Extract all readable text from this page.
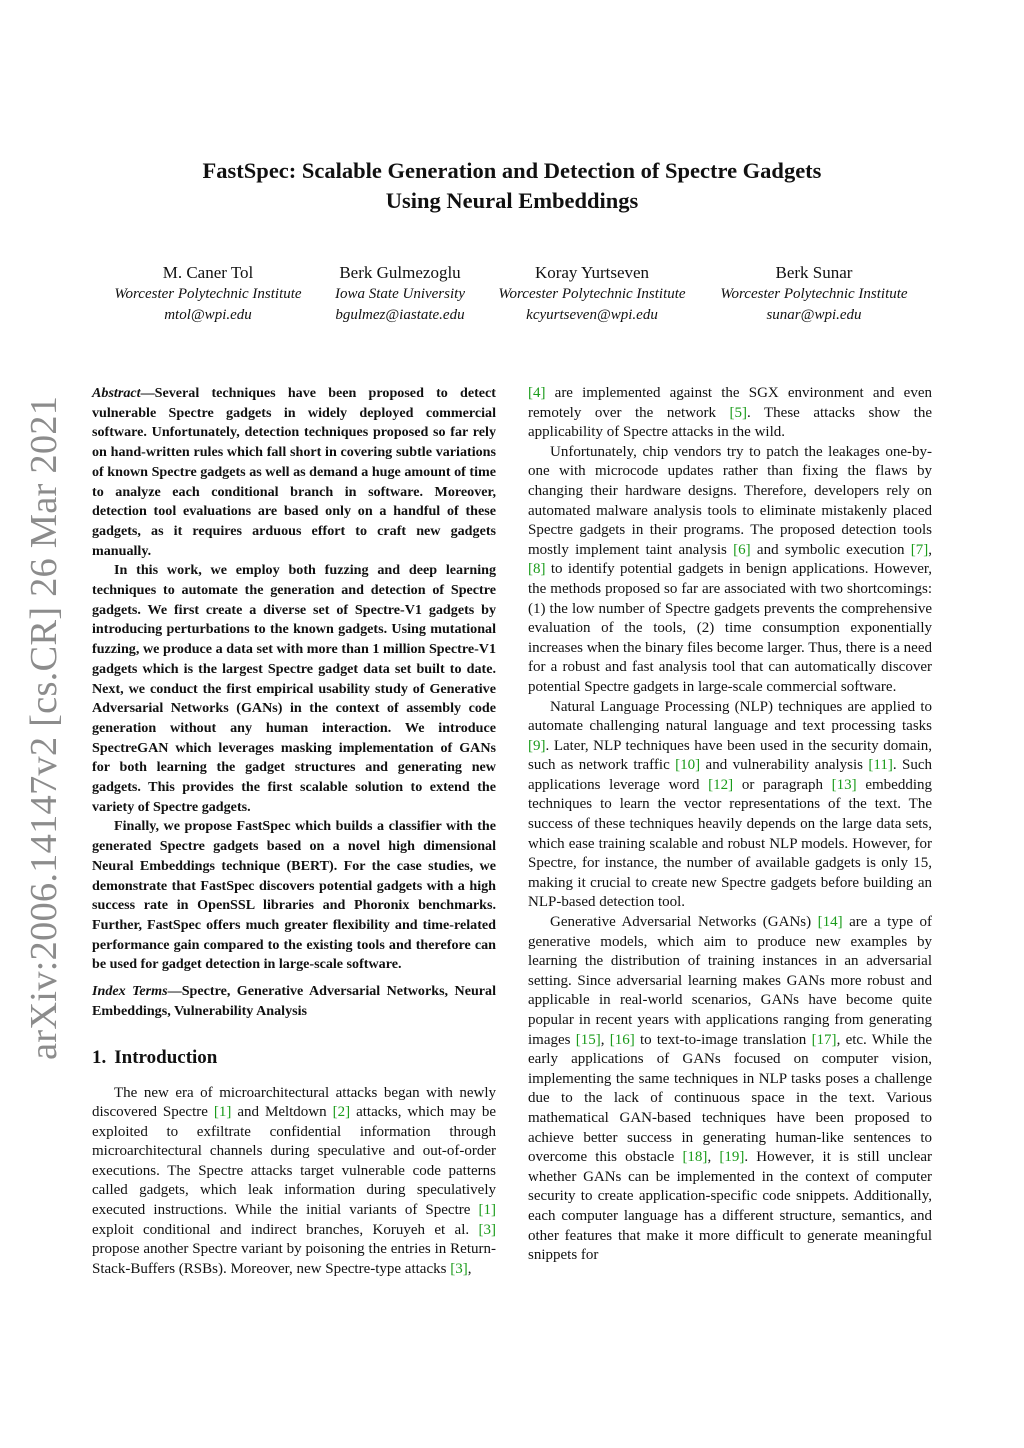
arXiv:2006.14147v2 [cs.CR] 26 Mar 2021
FastSpec: Scalable Generation and Detection of Spectre Gadgets
Using Neural Embeddings
M. Caner Tol
Worcester Polytechnic Institute
mtol@wpi.edu
Berk Gulmezoglu
Iowa State University
bgulmez@iastate.edu
Koray Yurtseven
Worcester Polytechnic Institute
kcyurtseven@wpi.edu
Berk Sunar
Worcester Polytechnic Institute
sunar@wpi.edu

Abstract—Several techniques have been proposed to detect vulnerable Spectre gadgets in widely deployed commercial software. Unfortunately, detection techniques proposed so far rely on hand-written rules which fall short in covering subtle variations of known Spectre gadgets as well as demand a huge amount of time to analyze each conditional branch in software. Moreover, detection tool evaluations are based only on a handful of these gadgets, as it requires arduous effort to craft new gadgets manually.

In this work, we employ both fuzzing and deep learning techniques to automate the generation and detection of Spectre gadgets. We first create a diverse set of Spectre-V1 gadgets by introducing perturbations to the known gadgets. Using mutational fuzzing, we produce a data set with more than 1 million Spectre-V1 gadgets which is the largest Spectre gadget data set built to date. Next, we conduct the first empirical usability study of Generative Adversarial Networks (GANs) in the context of assembly code generation without any human interaction. We introduce SpectreGAN which leverages masking implementation of GANs for both learning the gadget structures and generating new gadgets. This provides the first scalable solution to extend the variety of Spectre gadgets.

Finally, we propose FastSpec which builds a classifier with the generated Spectre gadgets based on a novel high dimensional Neural Embeddings technique (BERT). For the case studies, we demonstrate that FastSpec discovers potential gadgets with a high success rate in OpenSSL libraries and Phoronix benchmarks. Further, FastSpec offers much greater flexibility and time-related performance gain compared to the existing tools and therefore can be used for gadget detection in large-scale software.

Index Terms—Spectre, Generative Adversarial Networks, Neural Embeddings, Vulnerability Analysis

1. Introduction

The new era of microarchitectural attacks began with newly discovered Spectre [1] and Meltdown [2] attacks, which may be exploited to exfiltrate confidential information through microarchitectural channels during speculative and out-of-order executions. The Spectre attacks target vulnerable code patterns called gadgets, which leak information during speculatively executed instructions. While the initial variants of Spectre [1] exploit conditional and indirect branches, Koruyeh et al. [3] propose another Spectre variant by poisoning the entries in Return-Stack-Buffers (RSBs). Moreover, new Spectre-type attacks [3],

[4] are implemented against the SGX environment and even remotely over the network [5]. These attacks show the applicability of Spectre attacks in the wild.

Unfortunately, chip vendors try to patch the leakages one-by-one with microcode updates rather than fixing the flaws by changing their hardware designs. Therefore, developers rely on automated malware analysis tools to eliminate mistakenly placed Spectre gadgets in their programs. The proposed detection tools mostly implement taint analysis [6] and symbolic execution [7], [8] to identify potential gadgets in benign applications. However, the methods proposed so far are associated with two shortcomings: (1) the low number of Spectre gadgets prevents the comprehensive evaluation of the tools, (2) time consumption exponentially increases when the binary files become larger. Thus, there is a need for a robust and fast analysis tool that can automatically discover potential Spectre gadgets in large-scale commercial software.

Natural Language Processing (NLP) techniques are applied to automate challenging natural language and text processing tasks [9]. Later, NLP techniques have been used in the security domain, such as network traffic [10] and vulnerability analysis [11]. Such applications leverage word [12] or paragraph [13] embedding techniques to learn the vector representations of the text. The success of these techniques heavily depends on the large data sets, which ease training scalable and robust NLP models. However, for Spectre, for instance, the number of available gadgets is only 15, making it crucial to create new Spectre gadgets before building an NLP-based detection tool.

Generative Adversarial Networks (GANs) [14] are a type of generative models, which aim to produce new examples by learning the distribution of training instances in an adversarial setting. Since adversarial learning makes GANs more robust and applicable in real-world scenarios, GANs have become quite popular in recent years with applications ranging from generating images [15], [16] to text-to-image translation [17], etc. While the early applications of GANs focused on computer vision, implementing the same techniques in NLP tasks poses a challenge due to the lack of continuous space in the text. Various mathematical GAN-based techniques have been proposed to achieve better success in generating human-like sentences to overcome this obstacle [18], [19]. However, it is still unclear whether GANs can be implemented in the context of computer security to create application-specific code snippets. Additionally, each computer language has a different structure, semantics, and other features that make it more difficult to generate meaningful snippets for
